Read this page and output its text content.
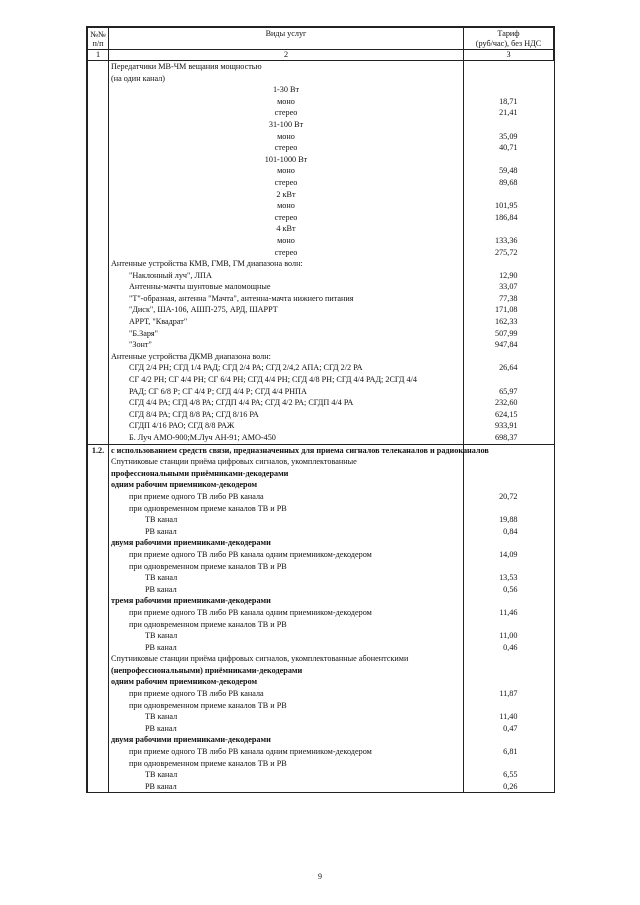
№№
п/п	Виды услуг	Тариф
(руб/час), без НДС
1	2	3
	Передатчики МВ-ЧМ вещания мощностью	
	(на один канал)	
	1-30 Вт	
	моно	18,71
	стерео	21,41
	31-100 Вт	
	моно	35,09
	стерео	40,71
	101-1000 Вт	
	моно	59,48
	стерео	89,68
	2 кВт	
	моно	101,95
	стерео	186,84
	4 кВт	
	моно	133,36
	стерео	275,72
	Антенные устройства КМВ, ГМВ, ГМ диапазона волн:	
	"Наклонный луч", ЛПА	12,90
	Антенны-мачты шунтовые маломощные	33,07
	"Т"-образная, антенна "Мачта", антенна-мачта нижнего питания	77,38
	"Диск", ША-106, АШП-275, АРД, ШАРРТ	171,08
	АРРТ, "Квадрат"	162,33
	"Б.Заря"	507,99
	"Зонт"	947,84
	Антенные устройства ДКМВ диапазона волн:	
	СГД 2/4 РН; СГД 1/4 РАД; СГД 2/4 РА; СГД 2/4,2 АПА; СГД 2/2 РА	26,64
	СГ 4/2 РН; СГ 4/4 РН; СГ 6/4 РН; СГД 4/4 РН; СГД 4/8 РН; СГД 4/4 РАД; 2СГД 4/4	
	РАД; СГ 6/8 Р; СГ 4/4 Р; СГД 4/4 Р; СГД 4/4 РНПА	65,97
	СГД 4/4 РА; СГД 4/8 РА; СГДП 4/4 РА; СГД 4/2 РА; СГДП 4/4 РА	232,60
	СГД 8/4 РА; СГД 8/8 РА; СГД 8/16 РА	624,15
	СГДП 4/16 РАО; СГД 8/8 РАЖ	933,91
	Б. Луч АМО-900;М.Луч АН-91; АМО-450	698,37
1.2.	с использованием средств связи, предназначенных для приема сигналов телеканалов и радиоканалов	
	Спутниковые станции приёма цифровых сигналов, укомплектованные	
	профессиональными приёмниками-декодерами	
	одним рабочим приемником-декодером	
	при приеме одного ТВ либо РВ канала	20,72
	при одновременном приеме каналов ТВ и РВ	
	ТВ канал	19,88
	РВ канал	0,84
	двумя рабочими приемниками-декодерами	
	при приеме одного ТВ либо РВ канала одним приемником-декодером	14,09
	при одновременном приеме каналов ТВ и РВ	
	ТВ канал	13,53
	РВ канал	0,56
	тремя рабочими приемниками-декодерами	
	при приеме одного ТВ либо РВ канала одним приемником-декодером	11,46
	при одновременном приеме каналов ТВ и РВ	
	ТВ канал	11,00
	РВ канал	0,46
	Спутниковые станции приёма цифровых сигналов, укомплектованные абонентскими	
	(непрофессиональными) приёмниками-декодерами	
	одним рабочим приемником-декодером	
	при приеме одного ТВ либо РВ канала	11,87
	при одновременном приеме каналов ТВ и РВ	
	ТВ канал	11,40
	РВ канал	0,47
	двумя рабочими приемниками-декодерами	
	при приеме одного ТВ либо РВ канала одним приемником-декодером	6,81
	при одновременном приеме каналов ТВ и РВ	
	ТВ канал	6,55
	РВ канал	0,26
9
